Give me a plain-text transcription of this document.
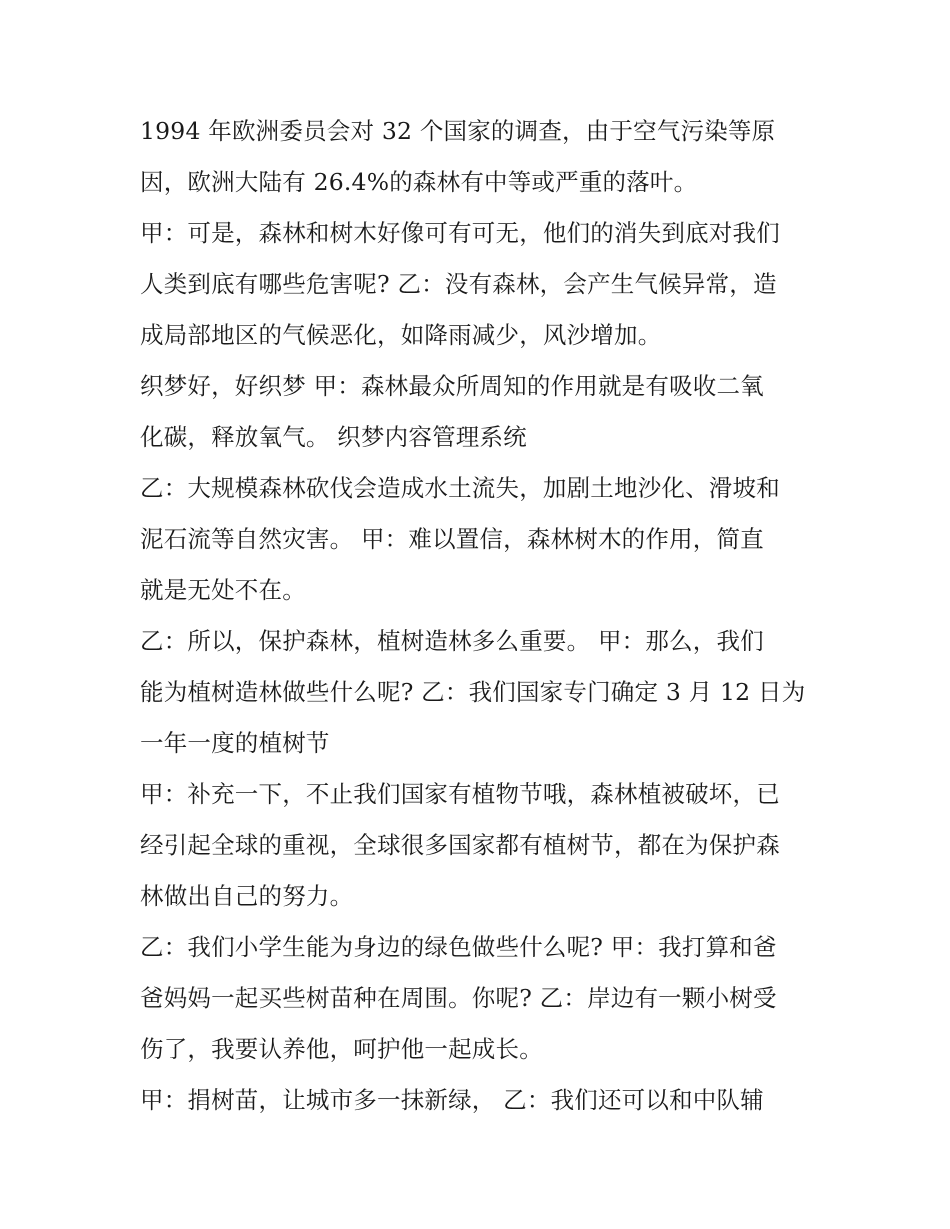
1994 年欧洲委员会对 32 个国家的调查，由于空气污染等原
因，欧洲大陆有 26.4%的森林有中等或严重的落叶。
甲：可是，森林和树木好像可有可无，他们的消失到底对我们
人类到底有哪些危害呢? 乙：没有森林，会产生气候异常，造
成局部地区的气候恶化，如降雨减少，风沙增加。
织梦好，好织梦 甲：森林最众所周知的作用就是有吸收二氧
化碳，释放氧气。 织梦内容管理系统
乙：大规模森林砍伐会造成水土流失，加剧土地沙化、滑坡和
泥石流等自然灾害。 甲：难以置信，森林树木的作用，简直
就是无处不在。
乙：所以，保护森林，植树造林多么重要。 甲：那么，我们
能为植树造林做些什么呢? 乙：我们国家专门确定 3 月 12 日为
一年一度的植树节
甲：补充一下，不止我们国家有植物节哦，森林植被破坏，已
经引起全球的重视，全球很多国家都有植树节，都在为保护森
林做出自己的努力。
乙：我们小学生能为身边的绿色做些什么呢? 甲：我打算和爸
爸妈妈一起买些树苗种在周围。你呢? 乙：岸边有一颗小树受
伤了，我要认养他，呵护他一起成长。
甲：捐树苗，让城市多一抹新绿， 乙：我们还可以和中队辅
